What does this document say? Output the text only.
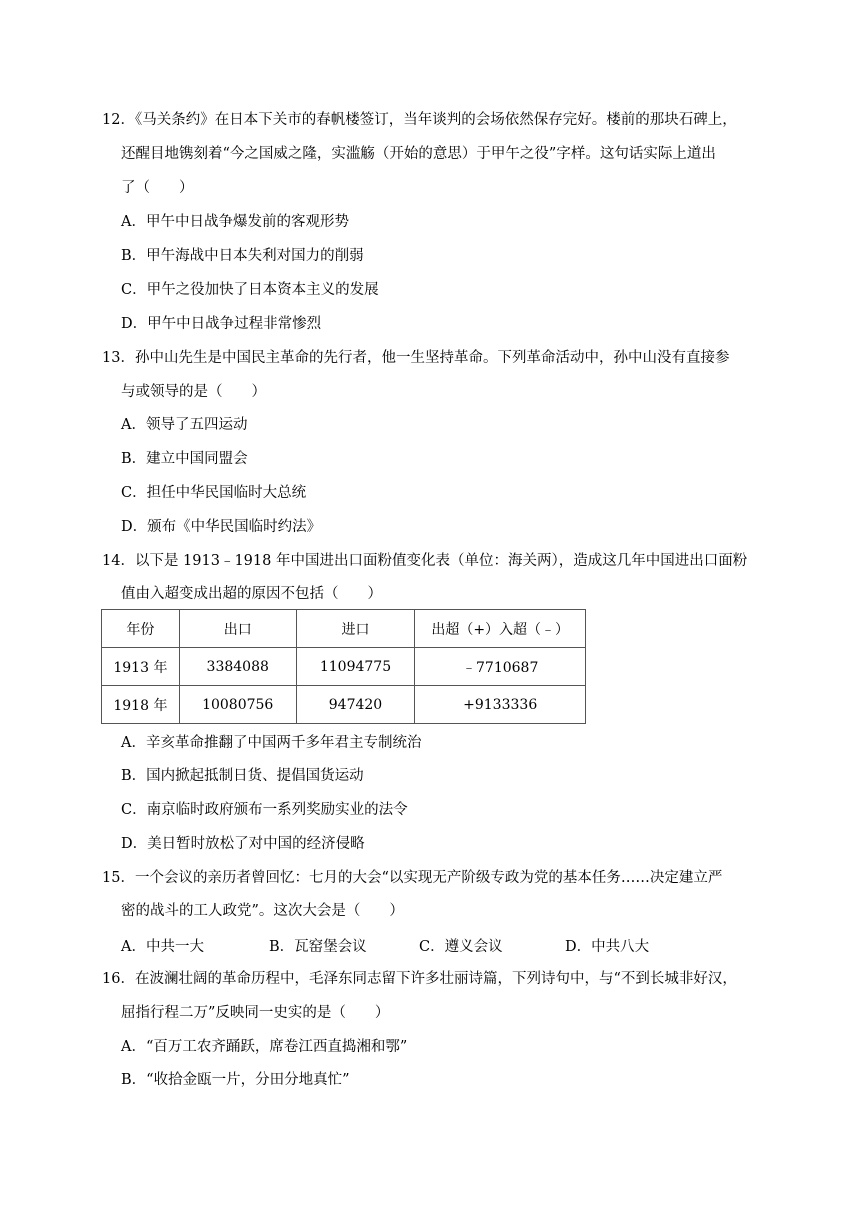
12．《马关条约》在日本下关市的春帆楼签订，当年谈判的会场依然保存完好。楼前的那块石碑上，
还醒目地镌刻着“今之国威之隆，实滥觞（开始的意思）于甲午之役”字样。这句话实际上道出
了（　　）
A．甲午中日战争爆发前的客观形势
B．甲午海战中日本失利对国力的削弱
C．甲午之役加快了日本资本主义的发展
D．甲午中日战争过程非常惨烈
13．孙中山先生是中国民主革命的先行者，他一生坚持革命。下列革命活动中，孙中山没有直接参
与或领导的是（　　）
A．领导了五四运动
B．建立中国同盟会
C．担任中华民国临时大总统
D．颁布《中华民国临时约法》
14．以下是 1913﹣1918 年中国进出口面粉值变化表（单位：海关两），造成这几年中国进出口面粉
值由入超变成出超的原因不包括（　　）
年份	出口	进口	出超（+）入超（﹣）
1913 年	3384088	11094775	﹣7710687
1918 年	10080756	947420	+9133336
A．辛亥革命推翻了中国两千多年君主专制统治
B．国内掀起抵制日货、提倡国货运动
C．南京临时政府颁布一系列奖励实业的法令
D．美日暂时放松了对中国的经济侵略
15．一个会议的亲历者曾回忆：七月的大会“以实现无产阶级专政为党的基本任务……决定建立严
密的战斗的工人政党”。这次大会是（　　）
A．中共一大	B．瓦窑堡会议	C．遵义会议	D．中共八大
16．在波澜壮阔的革命历程中，毛泽东同志留下许多壮丽诗篇，下列诗句中，与“不到长城非好汉，
屈指行程二万”反映同一史实的是（　　）
A．“百万工农齐踊跃，席卷江西直捣湘和鄂”
B．“收拾金瓯一片，分田分地真忙”
